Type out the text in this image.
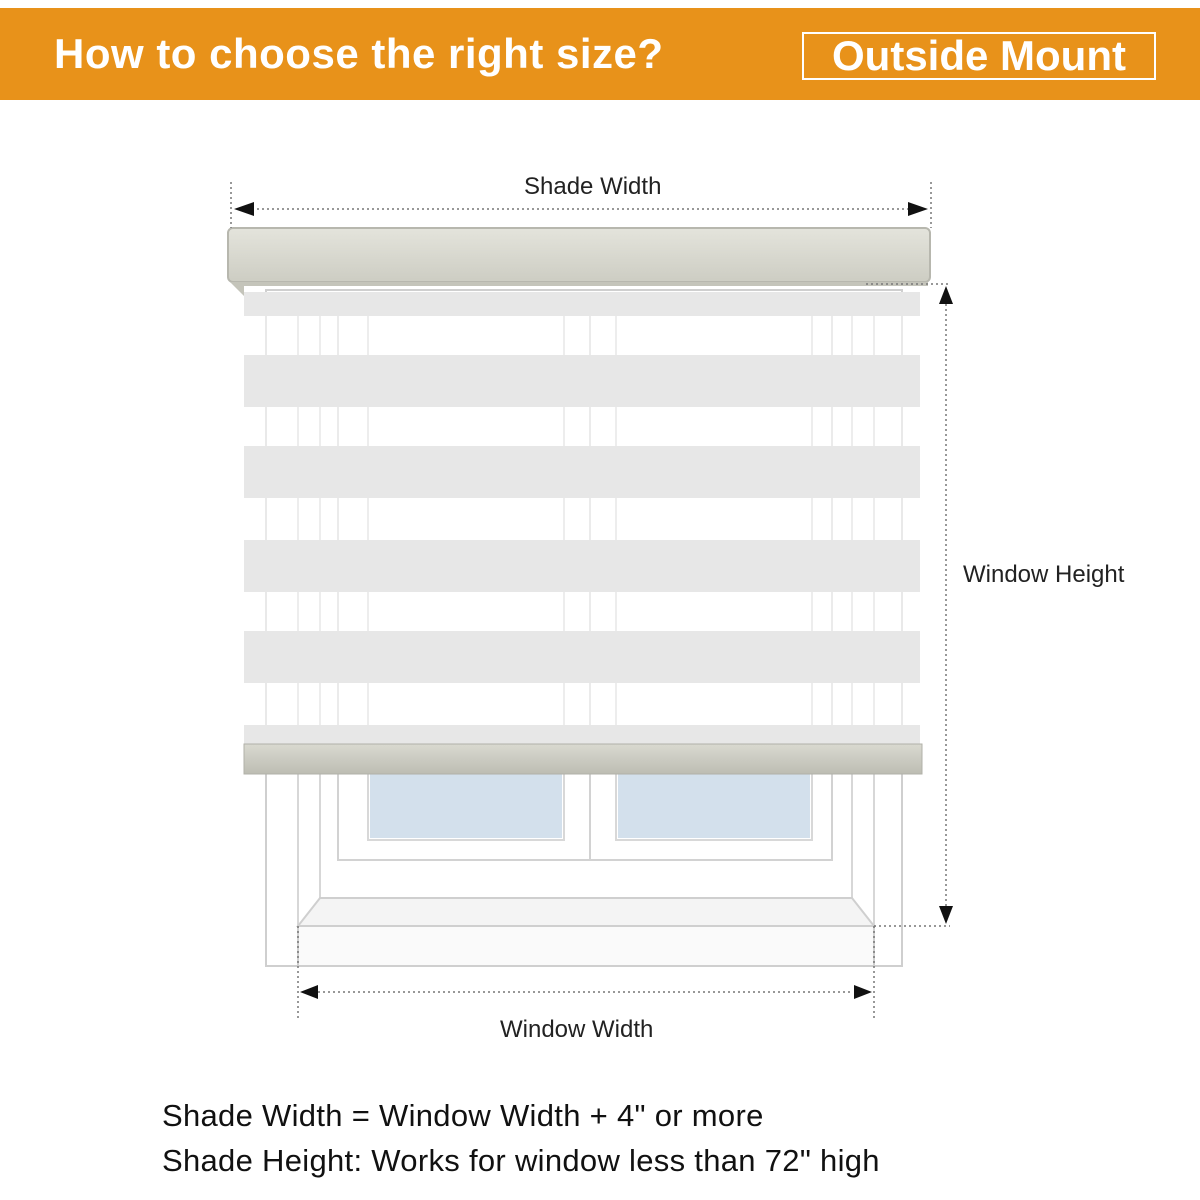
How to choose the right size?	Outside Mount
Shade Width
Window Height
Window Width
Shade Width = Window Width + 4" or more
Shade Height: Works for window less than 72" high
